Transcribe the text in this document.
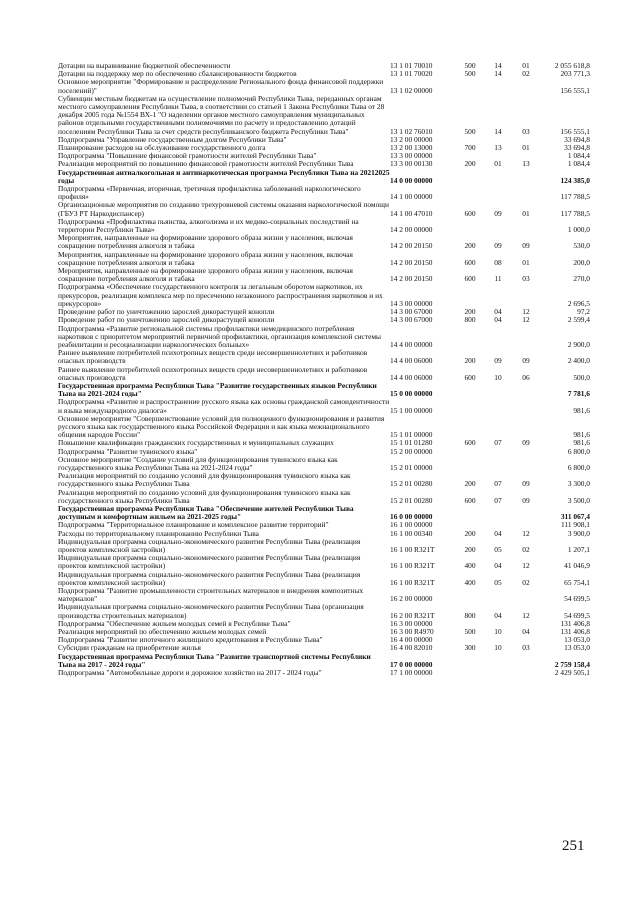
Дотации на выравнивание бюджетной обеспеченности	13 1 01 70010	500	14	01	2 055 618,8
Дотации на поддержку мер по обеспечению сбалансированности бюджетов	13 1 01 70020	500	14	02	203 771,3
Основное мероприятие "Формирование и распределение Регионального фонда финансовой поддержки поселений)"	13 1 02 00000	156 555,1
Субвенции местным бюджетам на осуществление полномочий Республики Тыва, переданных органам местного самоуправления Республики Тыва, в соответствии со статьей 1 Закона Республики Тыва от 28 декабря 2005 года №1554 ВХ-1 "О наделении органов местного самоуправления муниципальных районов отдельными государственными полномочиями по расчету и предоставлению дотаций поселениям Республики Тыва за счет средств республиканского бюджета Республики Тыва"	13 1 02 76010	500	14	03	156 555,1
Подпрограмма "Управление государственным долгом Республики Тыва"	13 2 00 00000	33 694,8
Планирование расходов на обслуживание государственного долга	13 2 00 13000	700	13	01	33 694,8
Подпрограмма "Повышение финансовой грамотности жителей Республики Тыва"	13 3 00 00000	1 084,4
Реализация мероприятий по повышению финансовой грамотности жителей Республики Тыва	13 3 00 00130	200	01	13	1 084,4
Государственная антиалкогольная и антинаркотическая программа Республики Тыва на 20212025 годы	14 0 00 00000	124 385,0
Подпрограмма «Первичная, вторичная, третичная профилактика заболеваний наркологического профиля»	14 1 00 00000	117 788,5
Организационные мероприятия по созданию трехуровневой системы оказания наркологической помощи (ГБУЗ РТ Наркодиспансер)	14 1 00 47010	600	09	01	117 788,5
Подпрограмма «Профилактика пьянства, алкоголизма и их медико-социальных последствий на территории Республики Тыва»	14 2 00 00000	1 000,0
Мероприятия, направленные на формирование здорового образа жизни у населения, включая сокращение потребления алкоголя и табака	14 2 00 20150	200	09	09	530,0
Мероприятия, направленные на формирование здорового образа жизни у населения, включая сокращение потребления алкоголя и табака	14 2 00 20150	600	08	01	200,0
Мероприятия, направленные на формирование здорового образа жизни у населения, включая сокращение потребления алкоголя и табака	14 2 00 20150	600	11	03	270,0
Подпрограмма «Обеспечение государственного контроля за легальным оборотом наркотиков, их прекурсоров, реализация комплекса мер по пресечению незаконного распространения наркотиков и их прекурсоров»	14 3 00 00000	2 696,5
Проведение работ по уничтожению зарослей дикорастущей конопли	14 3 00 67000	200	04	12	97,2
Проведение работ по уничтожению зарослей дикорастущей конопли	14 3 00 67000	800	04	12	2 599,4
Подпрограмма «Развитие региональной системы профилактики немедицинского потребления наркотиков с приоритетом мероприятий первичной профилактики, организация комплексной системы реабилитации и ресоциализации наркологических больных»	14 4 00 00000	2 900,0
Раннее выявление потребителей психотропных веществ среди несовершеннолетних и работников опасных производств	14 4 00 06000	200	09	09	2 400,0
Раннее выявление потребителей психотропных веществ среди несовершеннолетних и работников опасных производств	14 4 00 06000	600	10	06	500,0
Государственная программа Республики Тыва "Развитие государственных языков Республики Тыва на 2021-2024 годы"	15 0 00 00000	7 781,6
Подпрограмма «Развитие и распространение русского языка как основы гражданской самоидентичности и языка международного диалога»	15 1 00 00000	981,6
Основное мероприятие "Совершенствование условий для полноценного функционирования и развития русского языка как государственного языка Российской Федерации и как языка межнационального общения народов России"	15 1 01 00000	981,6
Повышение квалификации гражданских государственных и муниципальных служащих	15 1 01 01280	600	07	09	981,6
Подпрограмма "Развитие тувинского языка"	15 2 00 00000	6 800,0
Основное мероприятие "Создание условий для функционирования тувинского языка как государственного языка Республики Тыва на 2021-2024 годы"	15 2 01 00000	6 800,0
Реализация мероприятий по созданию условий для функционирования тувинского языка как государственного языка Республики Тыва	15 2 01 00280	200	07	09	3 300,0
Реализация мероприятий по созданию условий для функционирования тувинского языка как государственного языка Республики Тыва	15 2 01 00280	600	07	09	3 500,0
Государственная программа Республики Тыва "Обеспечение жителей Республики Тыва доступным и комфортным жильем на 2021-2025 годы"	16 0 00 00000	311 067,4
Подпрограмма "Территориальное планирование и комплексное развитие территорий"	16 1 00 00000	111 908,1
Расходы по территориальному планированию Республики Тыва	16 1 00 00340	200	04	12	3 900,0
Индивидуальная программа социально-экономического развития Республики Тыва (реализация проектов комплексной застройки)	16 1 00 R321T	200	05	02	1 207,1
Индивидуальная программа социально-экономического развития Республики Тыва (реализация проектов комплексной застройки)	16 1 00 R321T	400	04	12	41 046,9
Индивидуальная программа социально-экономического развития Республики Тыва (реализация проектов комплексной застройки)	16 1 00 R321T	400	05	02	65 754,1
Подпрограмма "Развитие промышленности строительных материалов и внедрения композитных материалов"	16 2 00 00000	54 699,5
Индивидуальная программа социально-экономического развития Республики Тыва (организация производства строительных материалов)	16 2 00 R321T	800	04	12	54 699,5
Подпрограмма "Обеспечение жильем молодых семей в Республике Тыва"	16 3 00 00000	131 406,8
Реализация мероприятий по обеспечению жильем молодых семей	16 3 00 R4970	500	10	04	131 406,8
Подпрограмма "Развитие ипотечного жилищного кредитования в Республике Тыва"	16 4 00 00000	13 053,0
Субсидии гражданам на приобретение жилья	16 4 00 82010	300	10	03	13 053,0
Государственная программа Республики Тыва "Развитие транспортной системы Республики Тыва на 2017 - 2024 годы"	17 0 00 00000	2 759 158,4
Подпрограмма "Автомобильные дороги и дорожное хозяйство на 2017 - 2024 годы"	17 1 00 00000	2 429 505,1
251
